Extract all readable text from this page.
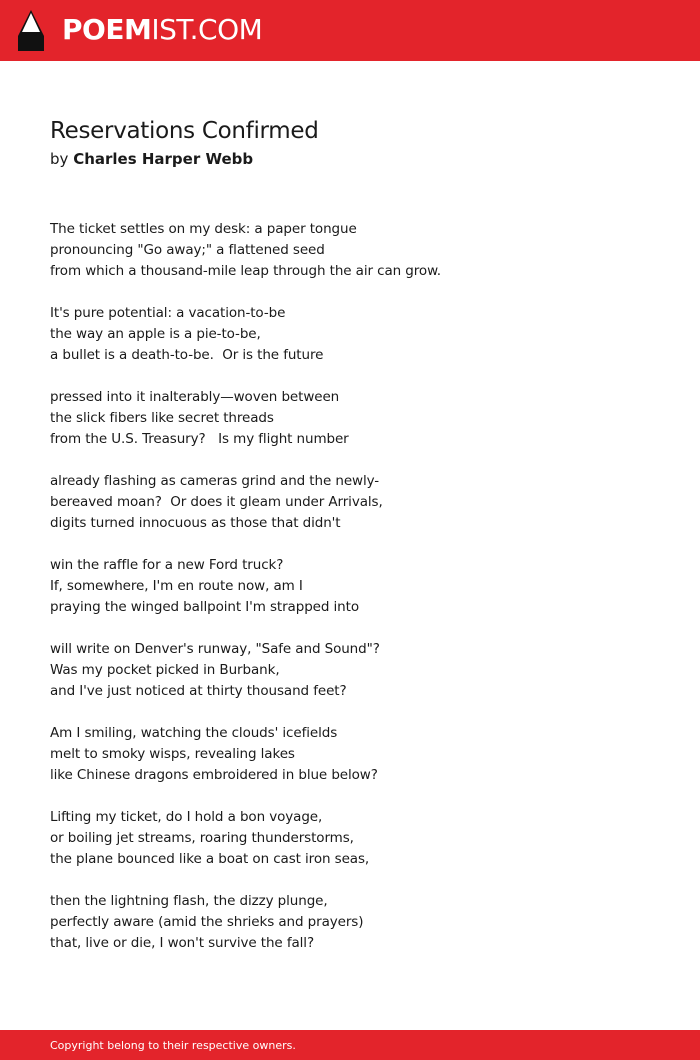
POEMIST.COM
Reservations Confirmed
by Charles Harper Webb
The ticket settles on my desk: a paper tongue
pronouncing "Go away;" a flattened seed
from which a thousand-mile leap through the air can grow.
It's pure potential: a vacation-to-be
the way an apple is a pie-to-be,
a bullet is a death-to-be.  Or is the future
pressed into it inalterably—woven between
the slick fibers like secret threads
from the U.S. Treasury?   Is my flight number
already flashing as cameras grind and the newly-
bereaved moan?  Or does it gleam under Arrivals,
digits turned innocuous as those that didn't
win the raffle for a new Ford truck?
If, somewhere, I'm en route now, am I
praying the winged ballpoint I'm strapped into
will write on Denver's runway, "Safe and Sound"?
Was my pocket picked in Burbank,
and I've just noticed at thirty thousand feet?
Am I smiling, watching the clouds' icefields
melt to smoky wisps, revealing lakes
like Chinese dragons embroidered in blue below?
Lifting my ticket, do I hold a bon voyage,
or boiling jet streams, roaring thunderstorms,
the plane bounced like a boat on cast iron seas,
then the lightning flash, the dizzy plunge,
perfectly aware (amid the shrieks and prayers)
that, live or die, I won't survive the fall?
Copyright belong to their respective owners.
